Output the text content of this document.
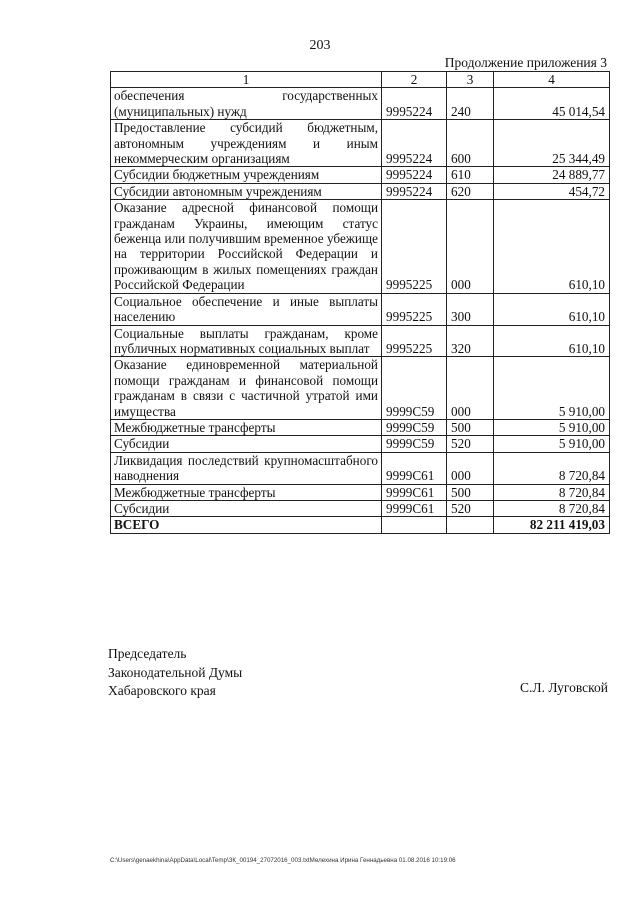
203
Продолжение приложения 3
1	2	3	4
обеспечения государственных (муниципальных) нужд	9995224	240	45 014,54
Предоставление субсидий бюджетным, автономным учреждениям и иным некоммерческим организациям	9995224	600	25 344,49
Субсидии бюджетным учреждениям	9995224	610	24 889,77
Субсидии автономным учреждениям	9995224	620	454,72
Оказание адресной финансовой помощи гражданам Украины, имеющим статус беженца или получившим временное убежище на территории Российской Федерации и проживающим в жилых помещениях граждан Российской Федерации	9995225	000	610,10
Социальное обеспечение и иные выплаты населению	9995225	300	610,10
Социальные выплаты гражданам, кроме публичных нормативных социальных выплат	9995225	320	610,10
Оказание единовременной материальной помощи гражданам и финансовой помощи гражданам в связи с частичной утратой ими имущества	9999С59	000	5 910,00
Межбюджетные трансферты	9999С59	500	5 910,00
Субсидии	9999С59	520	5 910,00
Ликвидация последствий крупномасштабного наводнения	9999С61	000	8 720,84
Межбюджетные трансферты	9999С61	500	8 720,84
Субсидии	9999С61	520	8 720,84
ВСЕГО			82 211 419,03
Председатель
Законодательной Думы
Хабаровского края	С.Л. Луговской
C:\Users\genaekhina\AppData\Local\Temp\ЗК_00194_27072016_003.txtМелехина Ирина Геннадьевна 01.08.2016 10:19:06
